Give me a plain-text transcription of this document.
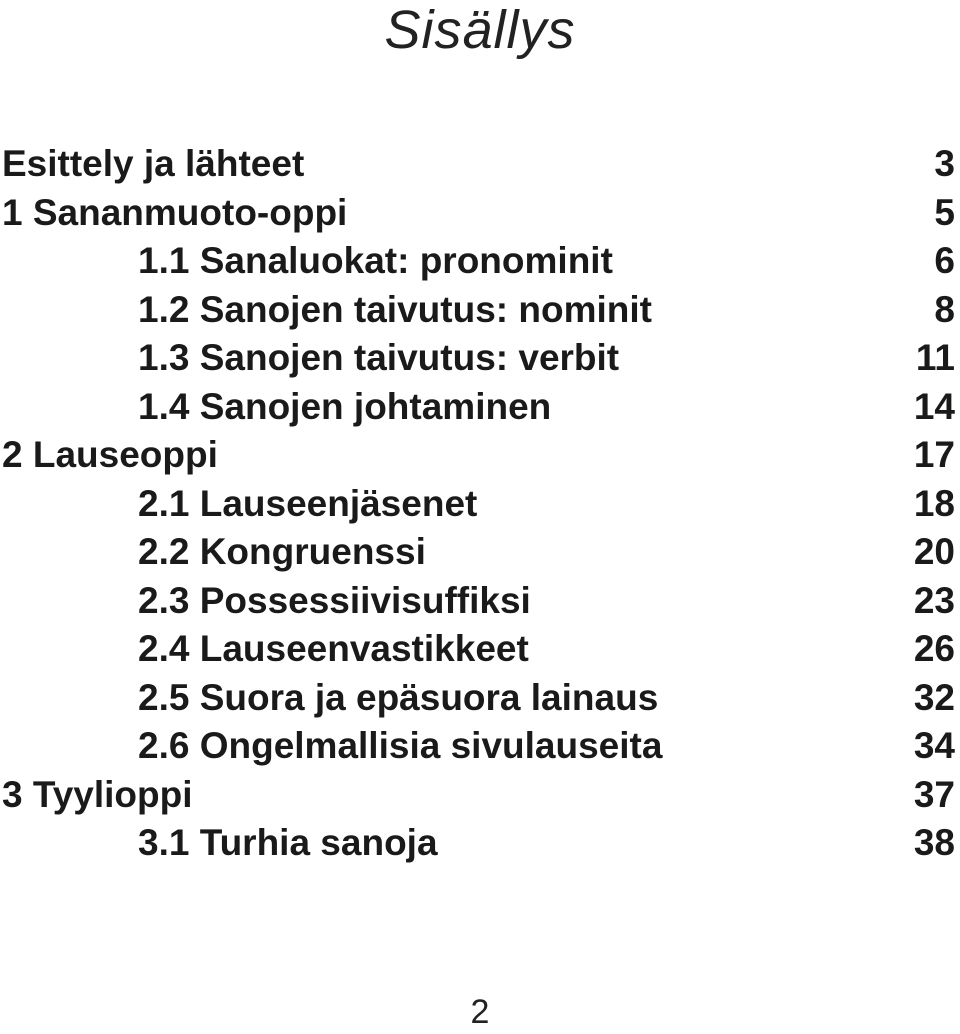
Sisällys
Esittely ja lähteet	3
1 Sananmuoto-oppi	5
1.1 Sanaluokat: pronominit	6
1.2 Sanojen taivutus: nominit	8
1.3 Sanojen taivutus: verbit	11
1.4 Sanojen johtaminen	14
2 Lauseoppi	17
2.1 Lauseenjäsenet	18
2.2 Kongruenssi	20
2.3 Possessiivisuffiksi	23
2.4 Lauseenvastikkeet	26
2.5 Suora ja epäsuora lainaus	32
2.6 Ongelmallisia sivulauseita	34
3 Tyylioppi	37
3.1 Turhia sanoja	38
2
